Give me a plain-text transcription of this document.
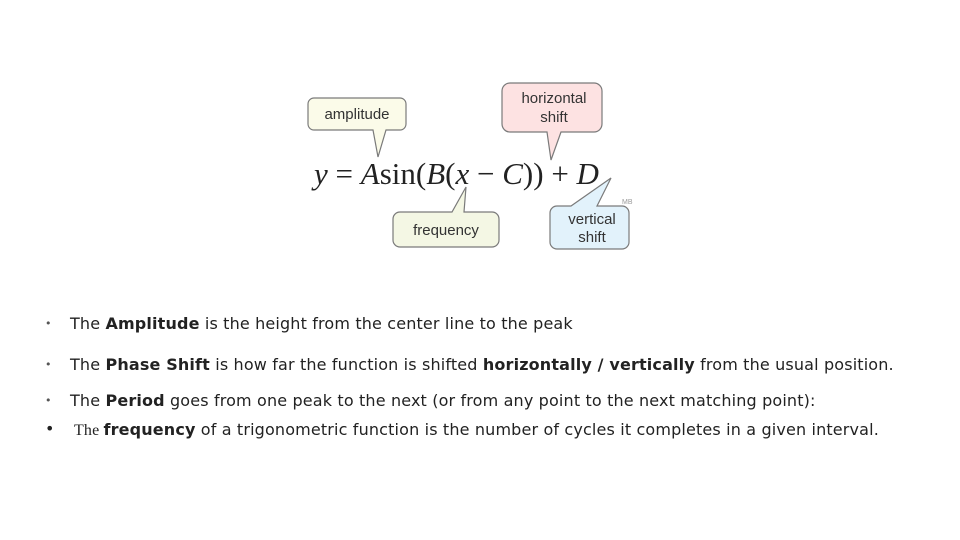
amplitude
horizontal
shift
frequency
vertical
shift
y = Asin(B(x − C)) + D
MB
• The Amplitude is the height from the center line to the peak
• The Phase Shift is how far the function is shifted horizontally / vertically from the usual position.
• The Period goes from one peak to the next (or from any point to the next matching point):
• The frequency of a trigonometric function is the number of cycles it completes in a given interval.
